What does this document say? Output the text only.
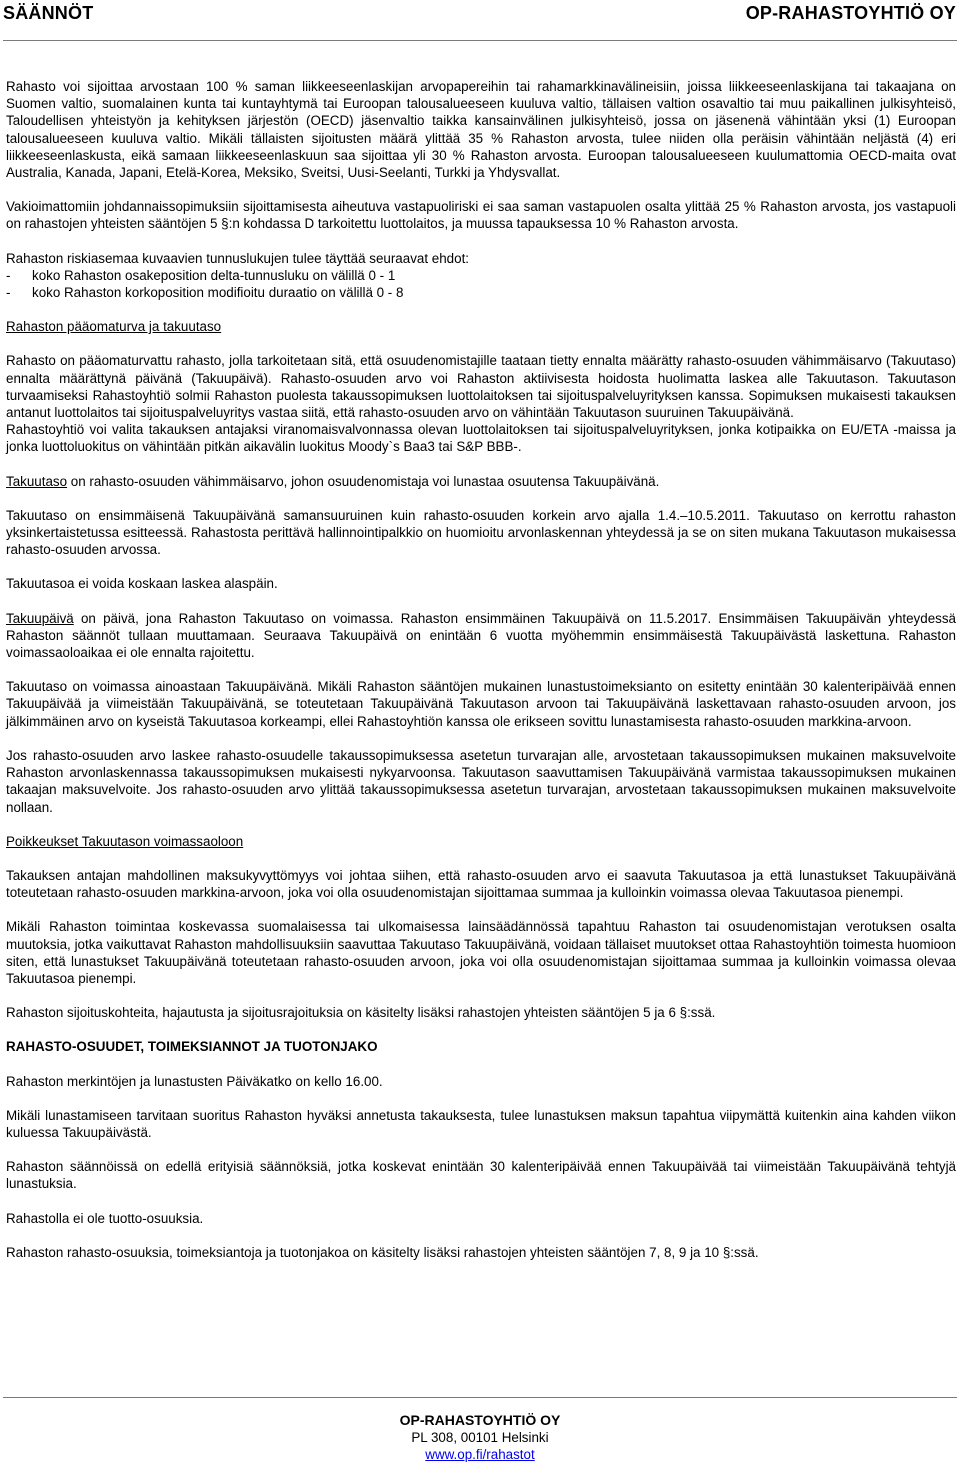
SÄÄNNÖT	OP-RAHASTOYHTIÖ OY

Rahasto voi sijoittaa arvostaan 100 % saman liikkeeseenlaskijan arvopapereihin tai rahamarkkinavälineisiin, joissa liikkeeseenlaskijana tai takaajana on Suomen valtio, suomalainen kunta tai kuntayhtymä tai Euroopan talousalueeseen kuuluva valtio, tällaisen valtion osavaltio tai muu paikallinen julkisyhteisö, Taloudellisen yhteistyön ja kehityksen järjestön (OECD) jäsenvaltio taikka kansainvälinen julkisyhteisö, jossa on jäsenenä vähintään yksi (1) Euroopan talousalueeseen kuuluva valtio. Mikäli tällaisten sijoitusten määrä ylittää 35 % Rahaston arvosta, tulee niiden olla peräisin vähintään neljästä (4) eri liikkeeseenlaskusta, eikä samaan liikkeeseenlaskuun saa sijoittaa yli 30 % Rahaston arvosta. Euroopan talousalueeseen kuulumattomia OECD-maita ovat Australia, Kanada, Japani, Etelä-Korea, Meksiko, Sveitsi, Uusi-Seelanti, Turkki ja Yhdysvallat.

Vakioimattomiin johdannaissopimuksiin sijoittamisesta aiheutuva vastapuoliriski ei saa saman vastapuolen osalta ylittää 25 % Rahaston arvosta, jos vastapuoli on rahastojen yhteisten sääntöjen 5 §:n kohdassa D tarkoitettu luottolaitos, ja muussa tapauksessa 10 % Rahaston arvosta.

Rahaston riskiasemaa kuvaavien tunnuslukujen tulee täyttää seuraavat ehdot:

-	koko Rahaston osakeposition delta-tunnusluku on välillä 0 - 1
-	koko Rahaston korkoposition modifioitu duraatio on välillä 0 - 8

Rahaston pääomaturva ja takuutaso

Rahasto on pääomaturvattu rahasto, jolla tarkoitetaan sitä, että osuudenomistajille taataan tietty ennalta määrätty rahasto-osuuden vähimmäisarvo (Takuutaso) ennalta määrättynä päivänä (Takuupäivä). Rahasto-osuuden arvo voi Rahaston aktiivisesta hoidosta huolimatta laskea alle Takuutason. Takuutason turvaamiseksi Rahastoyhtiö solmii Rahaston puolesta takaussopimuksen luottolaitoksen tai sijoituspalveluyrityksen kanssa. Sopimuksen mukaisesti takauksen antanut luottolaitos tai sijoituspalveluyritys vastaa siitä, että rahasto-osuuden arvo on vähintään Takuutason suuruinen Takuupäivänä.

Rahastoyhtiö voi valita takauksen antajaksi viranomaisvalvonnassa olevan luottolaitoksen tai sijoituspalveluyrityksen, jonka kotipaikka on EU/ETA -maissa ja jonka luottoluokitus on vähintään pitkän aikavälin luokitus Moody`s Baa3 tai S&P BBB-.

Takuutaso on rahasto-osuuden vähimmäisarvo, johon osuudenomistaja voi lunastaa osuutensa Takuupäivänä.

Takuutaso on ensimmäisenä Takuupäivänä samansuuruinen kuin rahasto-osuuden korkein arvo ajalla 1.4.–10.5.2011. Takuutaso on kerrottu rahaston yksinkertaistetussa esitteessä. Rahastosta perittävä hallinnointipalkkio on huomioitu arvonlaskennan yhteydessä ja se on siten mukana Takuutason mukaisessa rahasto-osuuden arvossa.

Takuutasoa ei voida koskaan laskea alaspäin.

Takuupäivä on päivä, jona Rahaston Takuutaso on voimassa. Rahaston ensimmäinen Takuupäivä on 11.5.2017. Ensimmäisen Takuupäivän yhteydessä Rahaston säännöt tullaan muuttamaan. Seuraava Takuupäivä on enintään 6 vuotta myöhemmin ensimmäisestä Takuupäivästä laskettuna. Rahaston voimassaoloaikaa ei ole ennalta rajoitettu.

Takuutaso on voimassa ainoastaan Takuupäivänä. Mikäli Rahaston sääntöjen mukainen lunastustoimeksianto on esitetty enintään 30 kalenteripäivää ennen Takuupäivää ja viimeistään Takuupäivänä, se toteutetaan Takuupäivänä Takuutason arvoon tai Takuupäivänä laskettavaan rahasto-osuuden arvoon, jos jälkimmäinen arvo on kyseistä Takuutasoa korkeampi, ellei Rahastoyhtiön kanssa ole erikseen sovittu lunastamisesta rahasto-osuuden markkina-arvoon.

Jos rahasto-osuuden arvo laskee rahasto-osuudelle takaussopimuksessa asetetun turvarajan alle, arvostetaan takaussopimuksen mukainen maksuvelvoite Rahaston arvonlaskennassa takaussopimuksen mukaisesti nykyarvoonsa. Takuutason saavuttamisen Takuupäivänä varmistaa takaussopimuksen mukainen takaajan maksuvelvoite. Jos rahasto-osuuden arvo ylittää takaussopimuksessa asetetun turvarajan, arvostetaan takaussopimuksen mukainen maksuvelvoite nollaan.

Poikkeukset Takuutason voimassaoloon

Takauksen antajan mahdollinen maksukyvyttömyys voi johtaa siihen, että rahasto-osuuden arvo ei saavuta Takuutasoa ja että lunastukset Takuupäivänä toteutetaan rahasto-osuuden markkina-arvoon, joka voi olla osuudenomistajan sijoittamaa summaa ja kulloinkin voimassa olevaa Takuutasoa pienempi.

Mikäli Rahaston toimintaa koskevassa suomalaisessa tai ulkomaisessa lainsäädännössä tapahtuu Rahaston tai osuudenomistajan verotuksen osalta muutoksia, jotka vaikuttavat Rahaston mahdollisuuksiin saavuttaa Takuutaso Takuupäivänä, voidaan tällaiset muutokset ottaa Rahastoyhtiön toimesta huomioon siten, että lunastukset Takuupäivänä toteutetaan rahasto-osuuden arvoon, joka voi olla osuudenomistajan sijoittamaa summaa ja kulloinkin voimassa olevaa Takuutasoa pienempi.

Rahaston sijoituskohteita, hajautusta ja sijoitusrajoituksia on käsitelty lisäksi rahastojen yhteisten sääntöjen 5 ja 6 §:ssä.

RAHASTO-OSUUDET, TOIMEKSIANNOT JA TUOTONJAKO

Rahaston merkintöjen ja lunastusten Päiväkatko on kello 16.00.

Mikäli lunastamiseen tarvitaan suoritus Rahaston hyväksi annetusta takauksesta, tulee lunastuksen maksun tapahtua viipymättä kuitenkin aina kahden viikon kuluessa Takuupäivästä.

Rahaston säännöissä on edellä erityisiä säännöksiä, jotka koskevat enintään 30 kalenteripäivää ennen Takuupäivää tai viimeistään Takuupäivänä tehtyjä lunastuksia.

Rahastolla ei ole tuotto-osuuksia.

Rahaston rahasto-osuuksia, toimeksiantoja ja tuotonjakoa on käsitelty lisäksi rahastojen yhteisten sääntöjen 7, 8, 9 ja 10 §:ssä.

OP-RAHASTOYHTIÖ OY
PL 308, 00101 Helsinki
www.op.fi/rahastot
